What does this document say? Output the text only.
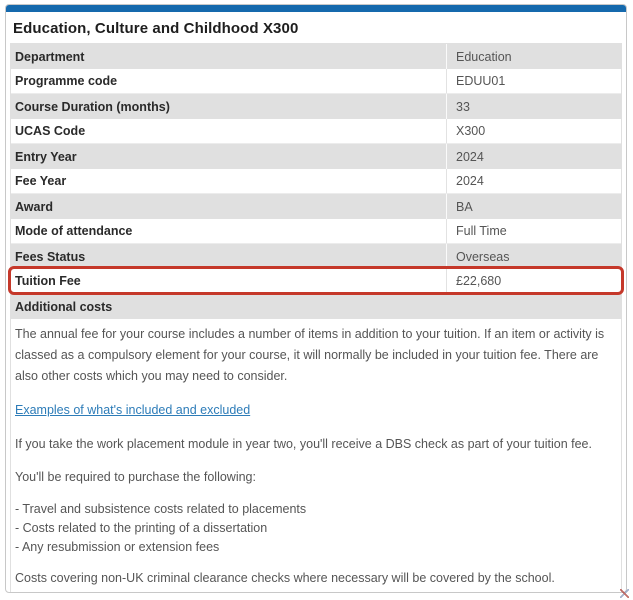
Education, Culture and Childhood X300
Department	Education
Programme code	EDUU01
Course Duration (months)	33
UCAS Code	X300
Entry Year	2024
Fee Year	2024
Award	BA
Mode of attendance	Full Time
Fees Status	Overseas
Tuition Fee	£22,680
Additional costs

The annual fee for your course includes a number of items in addition to your tuition. If an item or activity is classed as a compulsory element for your course, it will normally be included in your tuition fee. There are also other costs which you may need to consider.

Examples of what's included and excluded

If you take the work placement module in year two, you'll receive a DBS check as part of your tuition fee.

You'll be required to purchase the following:

- Travel and subsistence costs related to placements
- Costs related to the printing of a dissertation
- Any resubmission or extension fees

Costs covering non-UK criminal clearance checks where necessary will be covered by the school.
